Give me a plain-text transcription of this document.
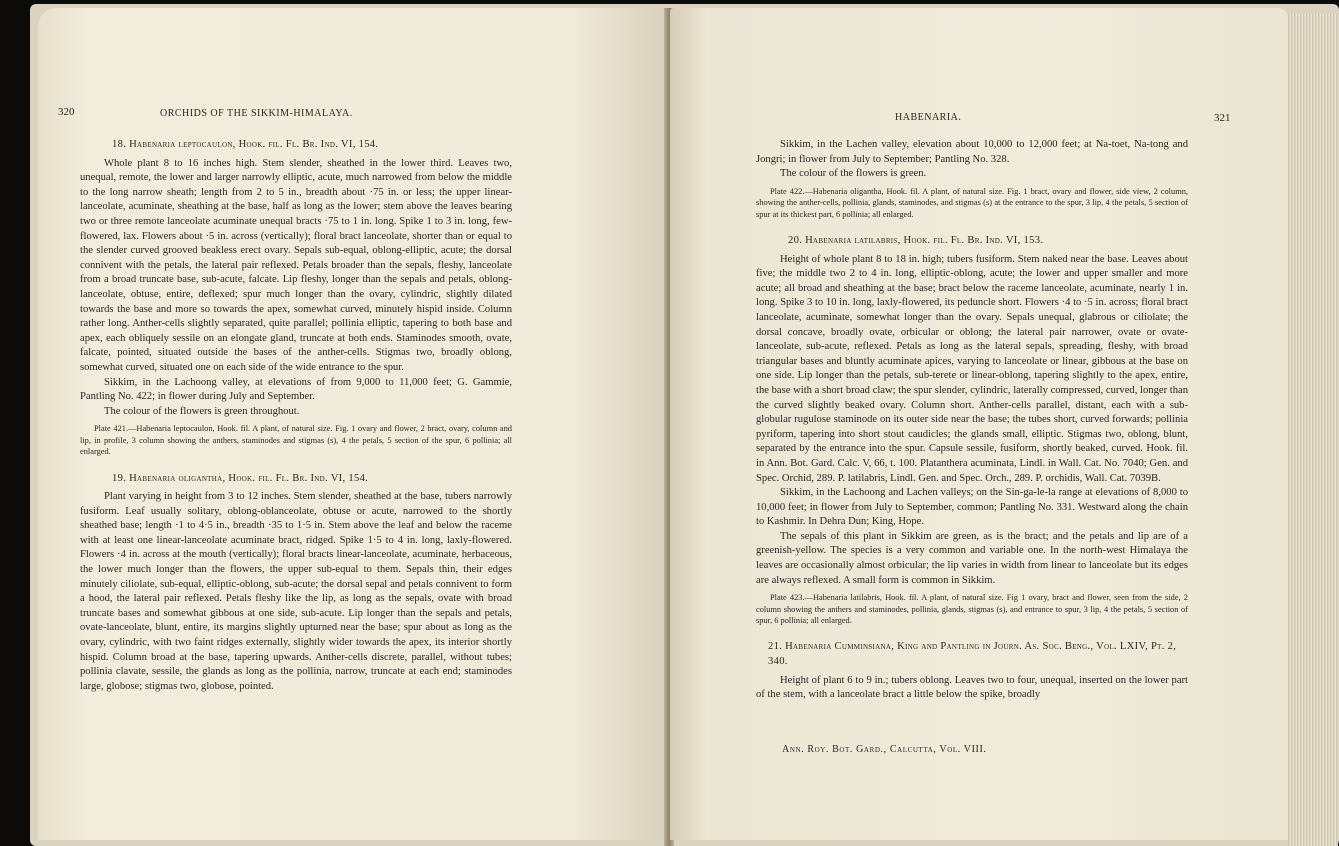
320	ORCHIDS OF THE SIKKIM-HIMALAYA.
18. Habenaria leptocaulon, Hook. fil. Fl. Br. Ind. VI, 154.

Whole plant 8 to 16 inches high. Stem slender, sheathed in the lower third. Leaves two, unequal, remote, the lower and larger narrowly elliptic, acute, much narrowed from below the middle to the long narrow sheath; length from 2 to 5 in., breadth about ·75 in. or less; the upper linear-lanceolate, acuminate, sheathing at the base, half as long as the lower; stem above the leaves bearing two or three remote lanceolate acuminate unequal bracts ·75 to 1 in. long. Spike 1 to 3 in. long, few-flowered, lax. Flowers about ·5 in. across (vertically); floral bract lanceolate, shorter than or equal to the slender curved grooved beakless erect ovary. Sepals sub-equal, oblong-elliptic, acute; the dorsal connivent with the petals, the lateral pair reflexed. Petals broader than the sepals, fleshy, lanceolate from a broad truncate base, sub-acute, falcate. Lip fleshy, longer than the sepals and petals, oblong-lanceolate, obtuse, entire, deflexed; spur much longer than the ovary, cylindric, slightly dilated towards the base and more so towards the apex, somewhat curved, minutely hispid inside. Column rather long. Anther-cells slightly separated, quite parallel; pollinia elliptic, tapering to both base and apex, each obliquely sessile on an elongate gland, truncate at both ends. Staminodes smooth, ovate, falcate, pointed, situated outside the bases of the anther-cells. Stigmas two, broadly oblong, somewhat curved, situated one on each side of the wide entrance to the spur.

Sikkim, in the Lachoong valley, at elevations of from 9,000 to 11,000 feet; G. Gammie, Pantling No. 422; in flower during July and September.

The colour of the flowers is green throughout.

Plate 421.—Habenaria leptocaulon, Hook. fil. A plant, of natural size. Fig. 1 ovary and flower, 2 bract, ovary, column and lip, in profile, 3 column showing the anthers, staminodes and stigmas (s), 4 the petals, 5 section of the spur, 6 pollinia; all enlarged.
19. Habenaria oligantha, Hook. fil. Fl. Br. Ind. VI, 154.

Plant varying in height from 3 to 12 inches. Stem slender, sheathed at the base, tubers narrowly fusiform. Leaf usually solitary, oblong-oblanceolate, obtuse or acute, narrowed to the shortly sheathed base; length ·1 to 4·5 in., breadth ·35 to 1·5 in. Stem above the leaf and below the raceme with at least one linear-lanceolate acuminate bract, ridged. Spike 1·5 to 4 in. long, laxly-flowered. Flowers ·4 in. across at the mouth (vertically); floral bracts linear-lanceolate, acuminate, herbaceous, the lower much longer than the flowers, the upper sub-equal to them. Sepals thin, their edges minutely ciliolate, sub-equal, elliptic-oblong, sub-acute; the dorsal sepal and petals connivent to form a hood, the lateral pair reflexed. Petals fleshy like the lip, as long as the sepals, ovate with broad truncate bases and somewhat gibbous at one side, sub-acute. Lip longer than the sepals and petals, ovate-lanceolate, blunt, entire, its margins slightly upturned near the base; spur about as long as the ovary, cylindric, with two faint ridges externally, slightly wider towards the apex, its interior shortly hispid. Column broad at the base, tapering upwards. Anther-cells discrete, parallel, without tubes; pollinia clavate, sessile, the glands as long as the pollinia, narrow, truncate at each end; staminodes large, globose; stigmas two, globose, pointed.

HABENARIA.	321

Sikkim, in the Lachen valley, elevation about 10,000 to 12,000 feet; at Na-toet, Na-tong and Jongri; in flower from July to September; Pantling No. 328.

The colour of the flowers is green.

Plate 422.—Habenaria oligantha, Hook. fil. A plant, of natural size. Fig. 1 bract, ovary and flower, side view, 2 column, showing the anther-cells, pollinia, glands, staminodes, and stigmas (s) at the entrance to the spur, 3 lip, 4 the petals, 5 section of spur at its thickest part, 6 pollinia; all enlarged.
20. Habenaria latilabris, Hook. fil. Fl. Br. Ind. VI, 153.

Height of whole plant 8 to 18 in. high; tubers fusiform. Stem naked near the base. Leaves about five; the middle two 2 to 4 in. long, elliptic-oblong, acute; the lower and upper smaller and more acute; all broad and sheathing at the base; bract below the raceme lanceolate, acuminate, nearly 1 in. long. Spike 3 to 10 in. long, laxly-flowered, its peduncle short. Flowers ·4 to ·5 in. across; floral bract lanceolate, acuminate, somewhat longer than the ovary. Sepals unequal, glabrous or ciliolate; the dorsal concave, broadly ovate, orbicular or oblong; the lateral pair narrower, ovate or ovate-lanceolate, sub-acute, reflexed. Petals as long as the lateral sepals, spreading, fleshy, with broad triangular bases and bluntly acuminate apices, varying to lanceolate or linear, gibbous at the base on one side. Lip longer than the petals, sub-terete or linear-oblong, tapering slightly to the apex, entire, the base with a short broad claw; the spur slender, cylindric, laterally compressed, curved, longer than the curved slightly beaked ovary. Column short. Anther-cells parallel, distant, each with a sub-globular rugulose staminode on its outer side near the base; the tubes short, curved forwards; pollinia pyriform, tapering into short stout caudicles; the glands small, elliptic. Stigmas two, oblong, blunt, separated by the entrance into the spur. Capsule sessile, fusiform, shortly beaked, curved. Hook. fil. in Ann. Bot. Gard. Calc. V, 66, t. 100. Platanthera acuminata, Lindl. in Wall. Cat. No. 7040; Gen. and Spec. Orchid, 289. P. latilabris, Lindl. Gen. and Spec. Orch., 289. P. orchidis, Wall. Cat. 7039B.

Sikkim, in the Lachoong and Lachen valleys; on the Sin-ga-le-la range at elevations of 8,000 to 10,000 feet; in flower from July to September, common; Pantling No. 331. Westward along the chain to Kashmir. In Dehra Dun; King, Hope.

The sepals of this plant in Sikkim are green, as is the bract; and the petals and lip are of a greenish-yellow. The species is a very common and variable one. In the north-west Himalaya the leaves are occasionally almost orbicular; the lip varies in width from linear to lanceolate but its edges are always reflexed. A small form is common in Sikkim.

Plate 423.—Habenaria latilabris, Hook. fil. A plant, of natural size. Fig 1 ovary, bract and flower, seen from the side, 2 column showing the anthers and staminodes, pollinia, glands, stigmas (s), and entrance to spur, 3 lip, 4 the petals, 5 section of spur, 6 pollinia; all enlarged.
21. Habenaria Cumminsiana, King and Pantling in Journ. As. Soc. Beng., Vol. LXIV, Pt. 2, 340.

Height of plant 6 to 9 in.; tubers oblong. Leaves two to four, unequal, inserted on the lower part of the stem, with a lanceolate bract a little below the spike, broadly

Ann. Roy. Bot. Gard., Calcutta, Vol. VIII.
